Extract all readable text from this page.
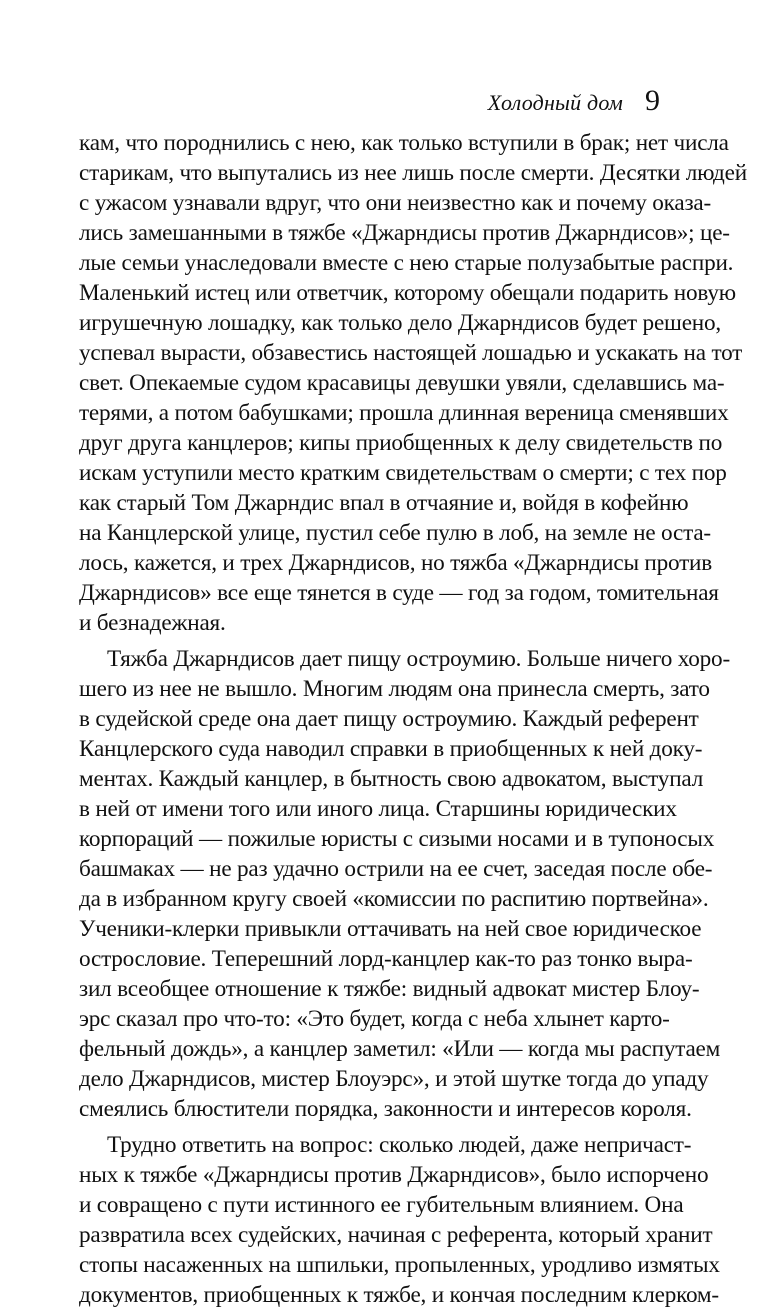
Холодный дом 9
кам, что породнились с нею, как только вступили в брак; нет числа
старикам, что выпутались из нее лишь после смерти. Десятки людей
с ужасом узнавали вдруг, что они неизвестно как и почему оказа-
лись замешанными в тяжбе «Джарндисы против Джарндисов»; це-
лые семьи унаследовали вместе с нею старые полузабытые распри.
Маленький истец или ответчик, которому обещали подарить новую
игрушечную лошадку, как только дело Джарндисов будет решено,
успевал вырасти, обзавестись настоящей лошадью и ускакать на тот
свет. Опекаемые судом красавицы девушки увяли, сделавшись ма-
терями, а потом бабушками; прошла длинная вереница сменявших
друг друга канцлеров; кипы приобщенных к делу свидетельств по
искам уступили место кратким свидетельствам о смерти; с тех пор
как старый Том Джарндис впал в отчаяние и, войдя в кофейню
на Канцлерской улице, пустил себе пулю в лоб, на земле не оста-
лось, кажется, и трех Джарндисов, но тяжба «Джарндисы против
Джарндисов» все еще тянется в суде — год за годом, томительная
и безнадежная.
Тяжба Джарндисов дает пищу остроумию. Больше ничего хоро-
шего из нее не вышло. Многим людям она принесла смерть, зато
в судейской среде она дает пищу остроумию. Каждый референт
Канцлерского суда наводил справки в приобщенных к ней доку-
ментах. Каждый канцлер, в бытность свою адвокатом, выступал
в ней от имени того или иного лица. Старшины юридических
корпораций — пожилые юристы с сизыми носами и в тупоносых
башмаках — не раз удачно острили на ее счет, заседая после обе-
да в избранном кругу своей «комиссии по распитию портвейна».
Ученики-клерки привыкли оттачивать на ней свое юридическое
острословие. Теперешний лорд-канцлер как-то раз тонко выра-
зил всеобщее отношение к тяжбе: видный адвокат мистер Блоу-
эрс сказал про что-то: «Это будет, когда с неба хлынет карто-
фельный дождь», а канцлер заметил: «Или — когда мы распутаем
дело Джарндисов, мистер Блоуэрс», и этой шутке тогда до упаду
смеялись блюстители порядка, законности и интересов короля.
Трудно ответить на вопрос: сколько людей, даже непричаст-
ных к тяжбе «Джарндисы против Джарндисов», было испорчено
и совращено с пути истинного ее губительным влиянием. Она
развратила всех судейских, начиная с референта, который хранит
стопы насаженных на шпильки, пропыленных, уродливо измятых
документов, приобщенных к тяжбе, и кончая последним клерком-
